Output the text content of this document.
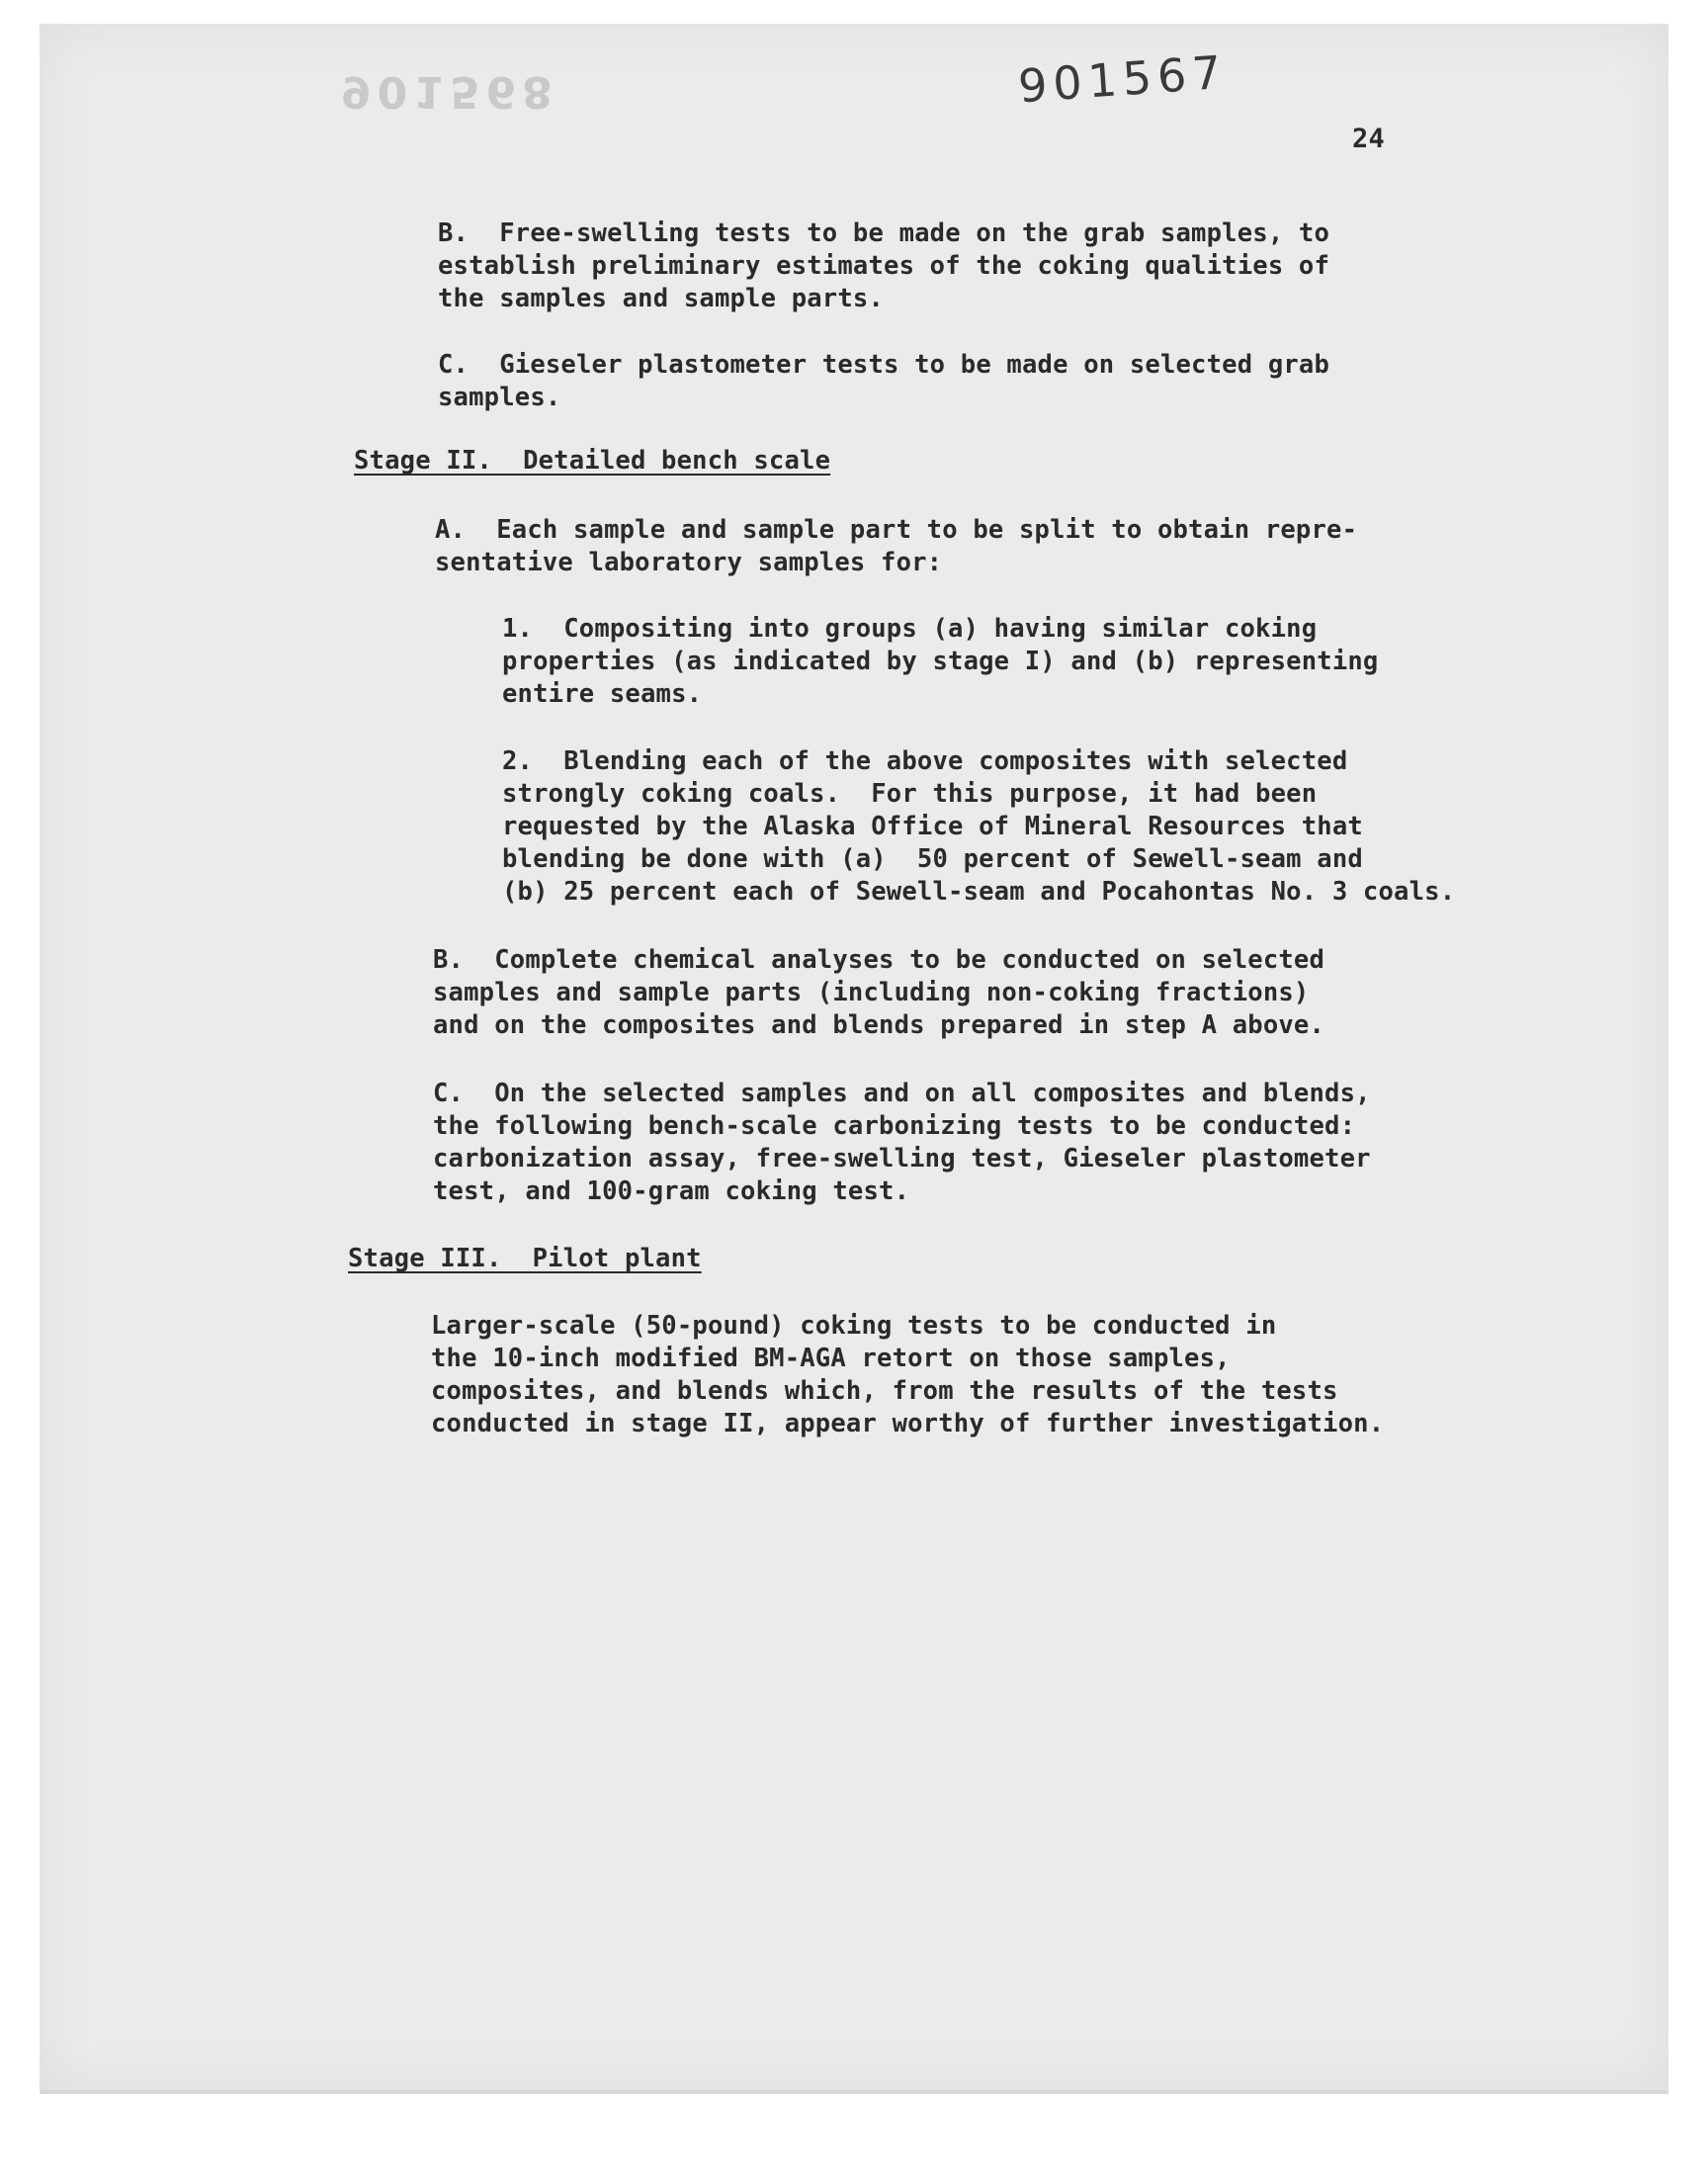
901568	901567
24
B.  Free-swelling tests to be made on the grab samples, to
establish preliminary estimates of the coking qualities of
the samples and sample parts.
C.  Gieseler plastometer tests to be made on selected grab
samples.
Stage II.  Detailed bench scale
A.  Each sample and sample part to be split to obtain repre-
sentative laboratory samples for:
1.  Compositing into groups (a) having similar coking
properties (as indicated by stage I) and (b) representing
entire seams.
2.  Blending each of the above composites with selected
strongly coking coals.  For this purpose, it had been
requested by the Alaska Office of Mineral Resources that
blending be done with (a)  50 percent of Sewell-seam and
(b) 25 percent each of Sewell-seam and Pocahontas No. 3 coals.
B.  Complete chemical analyses to be conducted on selected
samples and sample parts (including non-coking fractions)
and on the composites and blends prepared in step A above.
C.  On the selected samples and on all composites and blends,
the following bench-scale carbonizing tests to be conducted:
carbonization assay, free-swelling test, Gieseler plastometer
test, and 100-gram coking test.
Stage III.  Pilot plant
Larger-scale (50-pound) coking tests to be conducted in
the 10-inch modified BM-AGA retort on those samples,
composites, and blends which, from the results of the tests
conducted in stage II, appear worthy of further investigation.
